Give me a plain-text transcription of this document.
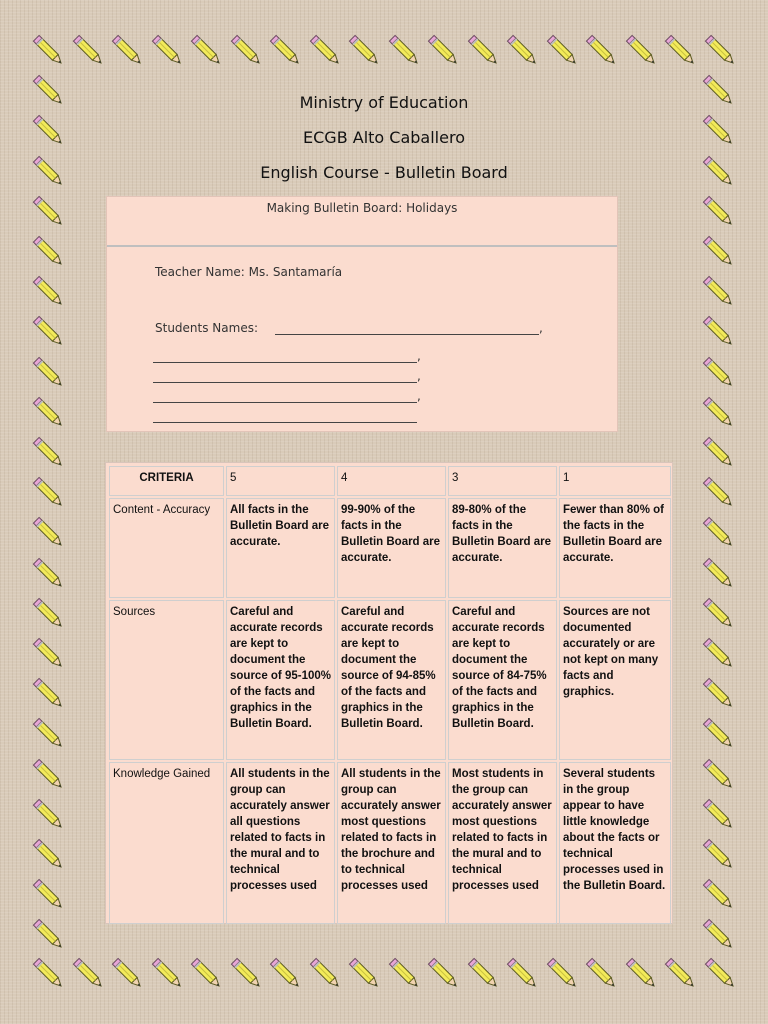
Ministry of Education
ECGB Alto Caballero
English Course - Bulletin Board
Making Bulletin Board: Holidays
Teacher Name: Ms. Santamaría
Students Names:	,
,
,
,
CRITERIA	5	4	3	1
Content - Accuracy	All facts in the Bulletin Board are accurate.	99-90% of the facts in the Bulletin Board are accurate.	89-80% of the facts in the Bulletin Board are accurate.	Fewer than 80% of the facts in the Bulletin Board are accurate.
Sources	Careful and accurate records are kept to document the source of 95-100% of the facts and graphics in the Bulletin Board.	Careful and accurate records are kept to document the source of 94-85% of the facts and graphics in the Bulletin Board.	Careful and accurate records are kept to document the source of 84-75% of the facts and graphics in the Bulletin Board.	Sources are not documented accurately or are not kept on many facts and graphics.
Knowledge Gained	All students in the group can accurately answer all questions related to facts in the mural and to technical processes used	All students in the group can accurately answer most questions related to facts in the brochure and to technical processes used	Most students in the group can accurately answer most questions related to facts in the mural and to technical processes used	Several students in the group appear to have little knowledge about the facts or technical processes used in the Bulletin Board.
